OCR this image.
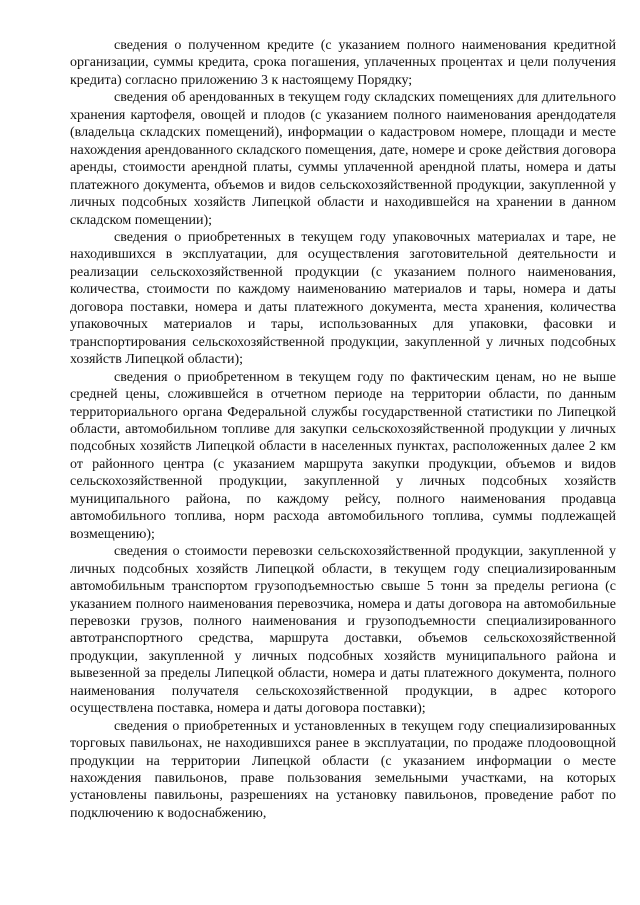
сведения о полученном кредите (с указанием полного наименования кредитной организации, суммы кредита, срока погашения, уплаченных процентах и цели получения кредита) согласно приложению 3 к настоящему Порядку;

сведения об арендованных в текущем году складских помещениях для длительного хранения картофеля, овощей и плодов (с указанием полного наименования арендодателя (владельца складских помещений), информации о кадастровом номере, площади и месте нахождения арендованного складского помещения, дате, номере и сроке действия договора аренды, стоимости арендной платы, суммы уплаченной арендной платы, номера и даты платежного документа, объемов и видов сельскохозяйственной продукции, закупленной у личных подсобных хозяйств Липецкой области и находившейся на хранении в данном складском помещении);

сведения о приобретенных в текущем году упаковочных материалах и таре, не находившихся в эксплуатации, для осуществления заготовительной деятельности и реализации сельскохозяйственной продукции (с указанием полного наименования, количества, стоимости по каждому наименованию материалов и тары, номера и даты договора поставки, номера и даты платежного документа, места хранения, количества упаковочных материалов и тары, использованных для упаковки, фасовки и транспортирования сельскохозяйственной продукции, закупленной у личных подсобных хозяйств Липецкой области);

сведения о приобретенном в текущем году по фактическим ценам, но не выше средней цены, сложившейся в отчетном периоде на территории области, по данным территориального органа Федеральной службы государственной статистики по Липецкой области, автомобильном топливе для закупки сельскохозяйственной продукции у личных подсобных хозяйств Липецкой области в населенных пунктах, расположенных далее 2 км от районного центра (с указанием маршрута закупки продукции, объемов и видов сельскохозяйственной продукции, закупленной у личных подсобных хозяйств муниципального района, по каждому рейсу, полного наименования продавца автомобильного топлива, норм расхода автомобильного топлива, суммы подлежащей возмещению);

сведения о стоимости перевозки сельскохозяйственной продукции, закупленной у личных подсобных хозяйств Липецкой области, в текущем году специализированным автомобильным транспортом грузоподъемностью свыше 5 тонн за пределы региона (с указанием полного наименования перевозчика, номера и даты договора на автомобильные перевозки грузов, полного наименования и грузоподъемности специализированного автотранспортного средства, маршрута доставки, объемов сельскохозяйственной продукции, закупленной у личных подсобных хозяйств муниципального района и вывезенной за пределы Липецкой области, номера и даты платежного документа, полного наименования получателя сельскохозяйственной продукции, в адрес которого осуществлена поставка, номера и даты договора поставки);

сведения о приобретенных и установленных в текущем году специализированных торговых павильонах, не находившихся ранее в эксплуатации, по продаже плодоовощной продукции на территории Липецкой области (с указанием информации о месте нахождения павильонов, праве пользования земельными участками, на которых установлены павильоны, разрешениях на установку павильонов, проведение работ по подключению к водоснабжению,
